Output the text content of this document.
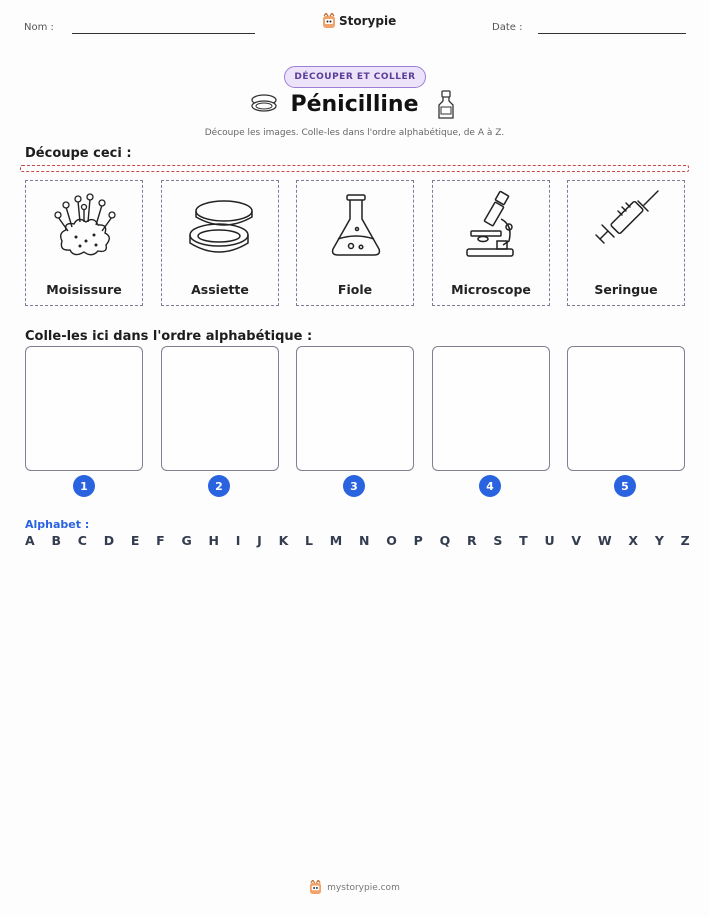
Nom :	Storypie	Date :
DÉCOUPER ET COLLER
Pénicilline
Découpe les images. Colle-les dans l'ordre alphabétique, de A à Z.
Découpe ceci :
Moisissure	Assiette	Fiole	Microscope	Seringue
Colle-les ici dans l'ordre alphabétique :
1	2	3	4	5
Alphabet :
A B C D E F G H I J K L M N O P Q R S T U V W X Y Z
mystorypie.com
